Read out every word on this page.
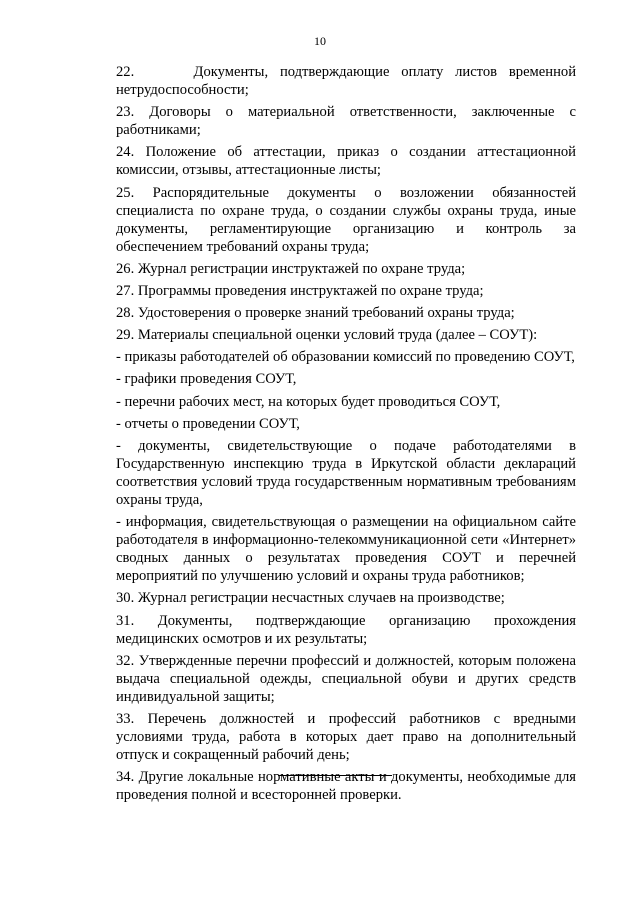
10

22.     Документы, подтверждающие оплату листов временной нетрудоспособности;

23. Договоры о материальной ответственности, заключенные с работниками;

24. Положение об аттестации, приказ о создании аттестационной комиссии, отзывы, аттестационные листы;

25. Распорядительные документы о возложении обязанностей специалиста по охране труда, о создании службы охраны труда, иные документы, регламентирующие организацию и контроль за обеспечением требований охраны труда;

26. Журнал регистрации инструктажей по охране труда;

27. Программы проведения инструктажей по охране труда;

28. Удостоверения о проверке знаний требований охраны труда;

29. Материалы специальной оценки условий труда (далее – СОУТ):

- приказы работодателей об образовании комиссий по проведению СОУТ,

- графики проведения СОУТ,

- перечни рабочих мест, на которых будет проводиться СОУТ,

- отчеты о проведении СОУТ,

- документы, свидетельствующие о подаче работодателями в Государственную инспекцию труда в Иркутской области деклараций соответствия условий труда государственным нормативным требованиям охраны труда,

- информация, свидетельствующая о размещении на официальном сайте работодателя в информационно-телекоммуникационной сети «Интернет» сводных данных о результатах проведения СОУТ и перечней мероприятий по улучшению условий и охраны труда работников;

30. Журнал регистрации несчастных случаев на производстве;

31. Документы, подтверждающие организацию прохождения медицинских осмотров и их результаты;

32. Утвержденные перечни профессий и должностей, которым положена выдача специальной одежды, специальной обуви и других средств индивидуальной защиты;

33. Перечень должностей и профессий работников с вредными условиями труда, работа в которых дает право на дополнительный отпуск и сокращенный рабочий день;

34. Другие локальные нормативные акты и документы, необходимые для проведения полной и всесторонней проверки.
